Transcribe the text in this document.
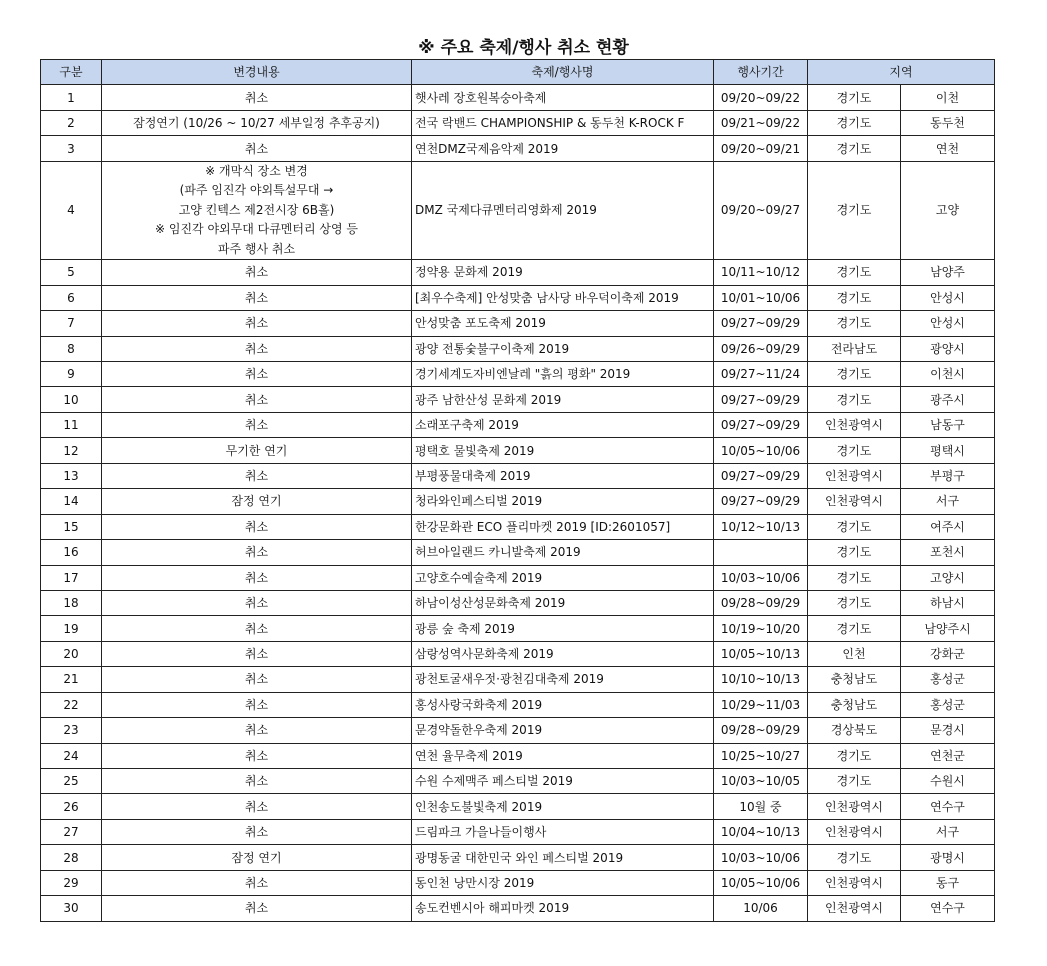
※ 주요 축제/행사 취소 현황
구분	변경내용	축제/행사명	행사기간	지역	
1	취소	햇사레 장호원복숭아축제	09/20~09/22	경기도	이천
2	잠정연기 (10/26 ~ 10/27 세부일정 추후공지)	전국 락밴드 CHAMPIONSHIP & 동두천 K-ROCK F	09/21~09/22	경기도	동두천
3	취소	연천DMZ국제음악제 2019	09/20~09/21	경기도	연천
4	※ 개막식 장소 변경
(파주 임진각 야외특설무대 →
고양 킨텍스 제2전시장 6B홀)
※ 임진각 야외무대 다큐멘터리 상영 등
파주 행사 취소	DMZ 국제다큐멘터리영화제 2019	09/20~09/27	경기도	고양
5	취소	정약용 문화제 2019	10/11~10/12	경기도	남양주
6	취소	[최우수축제] 안성맞춤 남사당 바우덕이축제 2019	10/01~10/06	경기도	안성시
7	취소	안성맞춤 포도축제 2019	09/27~09/29	경기도	안성시
8	취소	광양 전통숯불구이축제 2019	09/26~09/29	전라남도	광양시
9	취소	경기세계도자비엔날레 "흙의 평화" 2019	09/27~11/24	경기도	이천시
10	취소	광주 남한산성 문화제 2019	09/27~09/29	경기도	광주시
11	취소	소래포구축제 2019	09/27~09/29	인천광역시	남동구
12	무기한 연기	평택호 물빛축제 2019	10/05~10/06	경기도	평택시
13	취소	부평풍물대축제 2019	09/27~09/29	인천광역시	부평구
14	잠정 연기	청라와인페스티벌 2019	09/27~09/29	인천광역시	서구
15	취소	한강문화관 ECO 플리마켓 2019 [ID:2601057]	10/12~10/13	경기도	여주시
16	취소	허브아일랜드 카니발축제 2019		경기도	포천시
17	취소	고양호수예술축제 2019	10/03~10/06	경기도	고양시
18	취소	하남이성산성문화축제 2019	09/28~09/29	경기도	하남시
19	취소	광릉 숲 축제 2019	10/19~10/20	경기도	남양주시
20	취소	삼랑성역사문화축제 2019	10/05~10/13	인천	강화군
21	취소	광천토굴새우젓·광천김대축제 2019	10/10~10/13	충청남도	홍성군
22	취소	홍성사랑국화축제 2019	10/29~11/03	충청남도	홍성군
23	취소	문경약돌한우축제 2019	09/28~09/29	경상북도	문경시
24	취소	연천 율무축제 2019	10/25~10/27	경기도	연천군
25	취소	수원 수제맥주 페스티벌 2019	10/03~10/05	경기도	수원시
26	취소	인천송도불빛축제 2019	10월 중	인천광역시	연수구
27	취소	드림파크 가을나들이행사	10/04~10/13	인천광역시	서구
28	잠정 연기	광명동굴 대한민국 와인 페스티벌 2019	10/03~10/06	경기도	광명시
29	취소	동인천 낭만시장 2019	10/05~10/06	인천광역시	동구
30	취소	송도컨벤시아 해피마켓 2019	10/06	인천광역시	연수구
